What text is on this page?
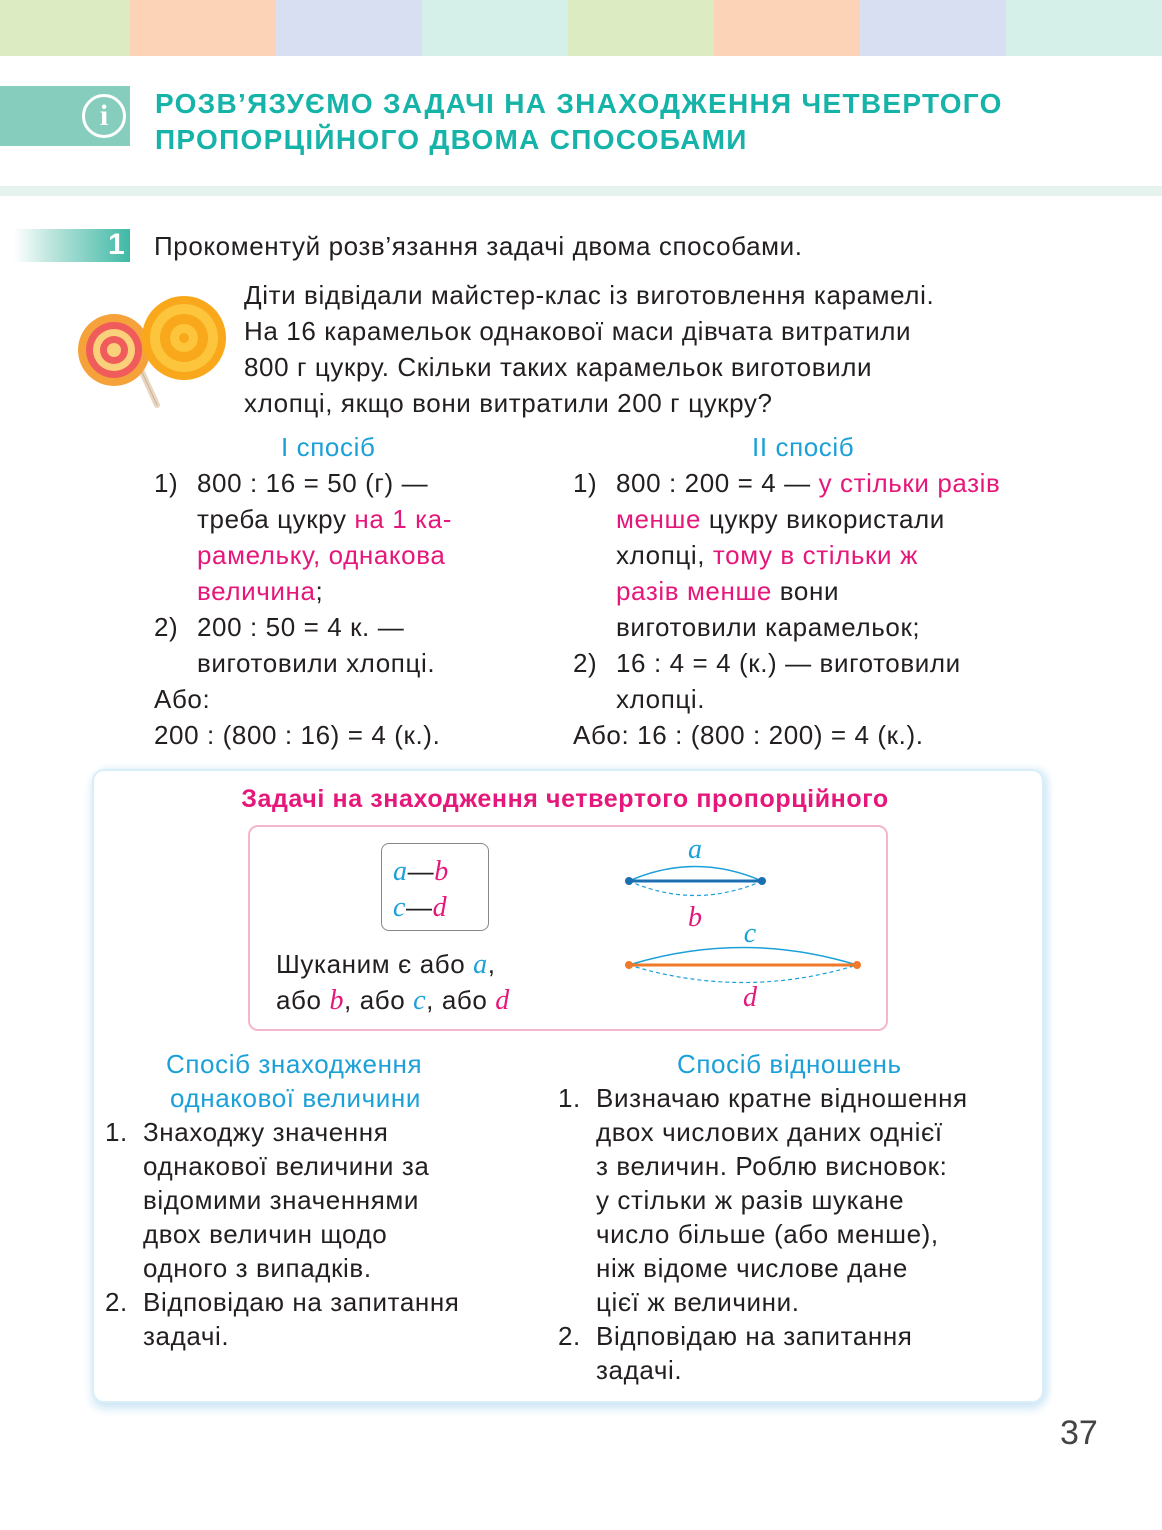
i	РОЗВ’ЯЗУЄМО ЗАДАЧІ НА ЗНАХОДЖЕННЯ ЧЕТВЕРТОГО
ПРОПОРЦІЙНОГО ДВОМА СПОСОБАМИ
1 Прокоментуй розв’язання задачі двома способами.
Діти відвідали майстер-клас із виготовлення карамелі.
На 16 карамельок однакової маси дівчата витратили
800 г цукру. Скільки таких карамельок виготовили
хлопці, якщо вони витратили 200 г цукру?
І спосіб
1) 800 : 16 = 50 (г) —
треба цукру на 1 ка-
рамельку, однакова
величина;
2) 200 : 50 = 4 к. —
виготовили хлопці.
Або:
200 : (800 : 16) = 4 (к.).
ІІ спосіб
1) 800 : 200 = 4 — у стільки разів
менше цукру використали
хлопці, тому в стільки ж
разів менше вони
виготовили карамельок;
2) 16 : 4 = 4 (к.) — виготовили
хлопці.
Або: 16 : (800 : 200) = 4 (к.).
Задачі на знаходження четвертого пропорційного
a—b
c—d
Шуканим є або a,
або b, або c, або d
a
b
c
d
Спосіб знаходження
однакової величини
1. Знаходжу значення
однакової величини за
відомими значеннями
двох величин щодо
одного з випадків.
2. Відповідаю на запитання
задачі.
Спосіб відношень
1. Визначаю кратне відношення
двох числових даних однієї
з величин. Роблю висновок:
у стільки ж разів шукане
число більше (або менше),
ніж відоме числове дане
цієї ж величини.
2. Відповідаю на запитання
задачі.
37
